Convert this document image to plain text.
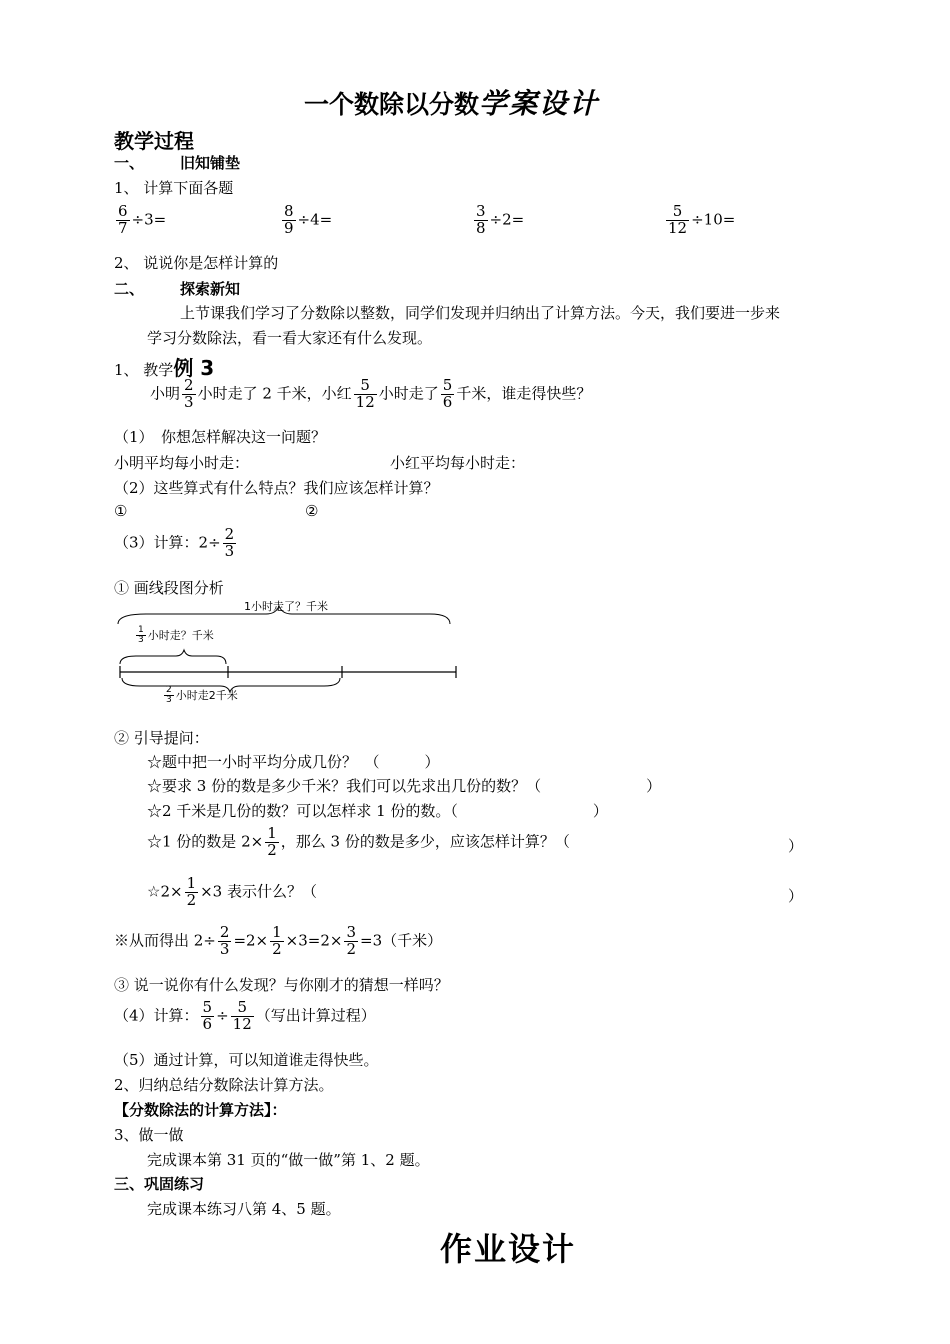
一个数除以分数学案设计
教学过程
一、 旧知铺垫
1、 计算下面各题
$\frac{6}{7} \div 3=$	$\frac{8}{9} \div 4=$	$\frac{3}{8} \div 2=$	$\frac{5}{12} \div 10=$
2、 说说你是怎样计算的
二、 探索新知
上节课我们学习了分数除以整数，同学们发现并归纳出了计算方法。今天，我们要进一步来
学习分数除法，看一看大家还有什么发现。
1、 教学例 3
小明 $\frac{2}{3}$ 小时走了 2 千米，小红 $\frac{5}{12}$ 小时走了 $\frac{5}{6}$ 千米，谁走得快些？
（1）　你想怎样解决这一问题？
小明平均每小时走：	小红平均每小时走：
（2）这些算式有什么特点？我们应该怎样计算？
①	②
（3）计算：$2\div \frac{2}{3}$
① 画线段图分析
1小时走了？千米
$\frac{1}{3}$ 小时走？千米
$\frac{2}{3}$ 小时走2千米
② 引导提问：
☆题中把一小时平均分成几份？　（　　　）
☆要求 3 份的数是多少千米？我们可以先求出几份的数？（　　　　　　　）
☆2 千米是几份的数？可以怎样求 1 份的数。（　　　　　　　　　）
☆1 份的数是 $2\times \frac{1}{2}$ ，那么 3 份的数是多少，应该怎样计算？（	）
☆2× $\frac{1}{2} \times 3$ 表示什么？（	）
※从而得出 $2\div \frac{2}{3} =2\times \frac{1}{2} \times 3=2\times \frac{3}{2} =3$（千米）
③ 说一说你有什么发现？与你刚才的猜想一样吗？
（4）计算： $\frac{5}{6} \div \frac{5}{12}$ （写出计算过程）
（5）通过计算，可以知道谁走得快些。
2、归纳总结分数除法计算方法。
【分数除法的计算方法】：
3、做一做
完成课本第 31 页的“做一做”第 1、2 题。
三、巩固练习
完成课本练习八第 4、5 题。
作业设计
